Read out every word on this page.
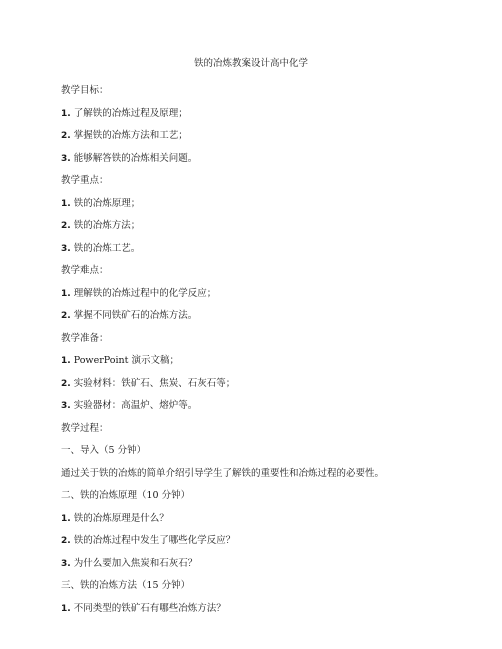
铁的冶炼教案设计高中化学
教学目标：
1. 了解铁的冶炼过程及原理；
2. 掌握铁的冶炼方法和工艺；
3. 能够解答铁的冶炼相关问题。
教学重点：
1. 铁的冶炼原理；
2. 铁的冶炼方法；
3. 铁的冶炼工艺。
教学难点：
1. 理解铁的冶炼过程中的化学反应；
2. 掌握不同铁矿石的冶炼方法。
教学准备：
1. PowerPoint 演示文稿；
2. 实验材料：铁矿石、焦炭、石灰石等；
3. 实验器材：高温炉、熔炉等。
教学过程：
一、导入（5 分钟）
通过关于铁的冶炼的简单介绍引导学生了解铁的重要性和冶炼过程的必要性。
二、铁的冶炼原理（10 分钟）
1. 铁的冶炼原理是什么？
2. 铁的冶炼过程中发生了哪些化学反应？
3. 为什么要加入焦炭和石灰石？
三、铁的冶炼方法（15 分钟）
1. 不同类型的铁矿石有哪些冶炼方法？
